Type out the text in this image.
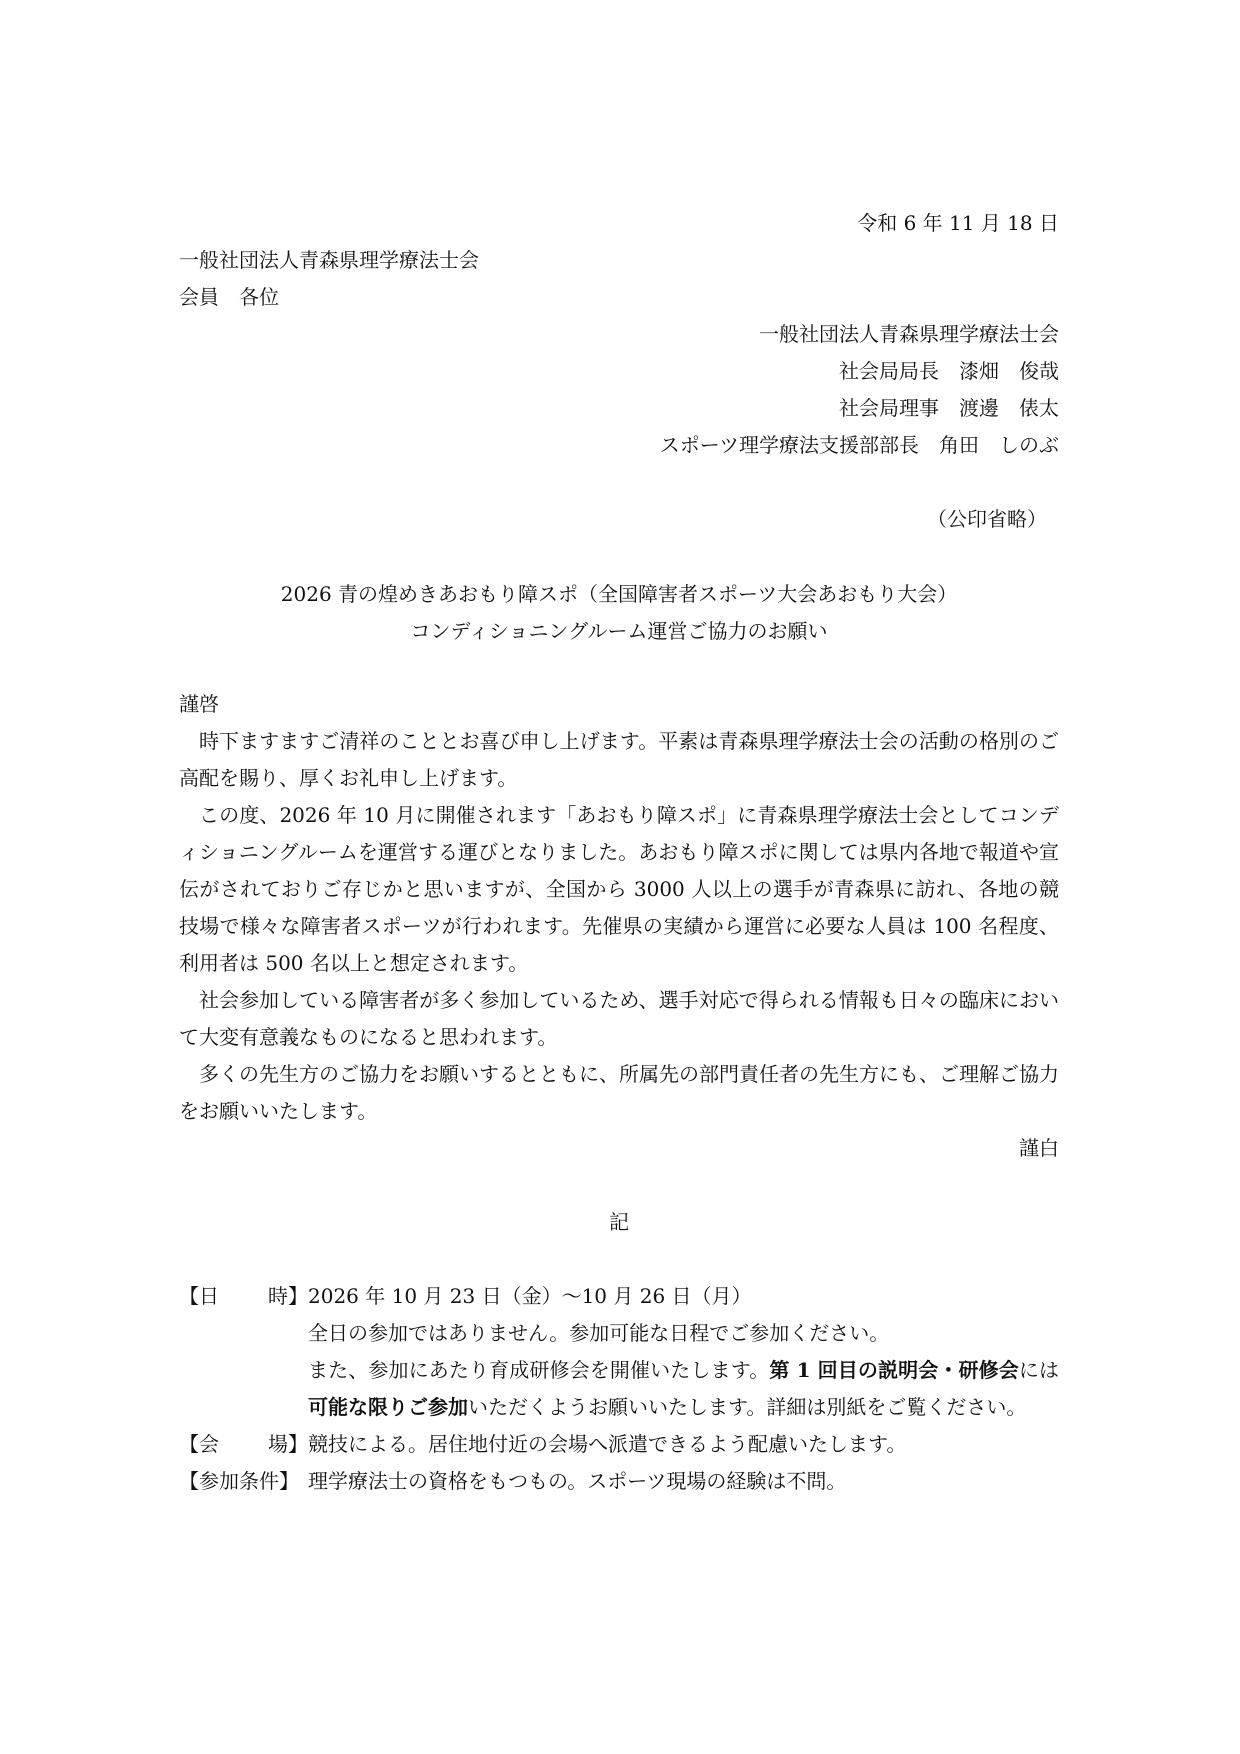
令和 6 年 11 月 18 日

一般社団法人青森県理学療法士会

会員　各位

一般社団法人青森県理学療法士会

社会局局長　漆畑　俊哉

社会局理事　渡邊　俵太

スポーツ理学療法支援部部長　角田　しのぶ

（公印省略）

2026 青の煌めきあおもり障スポ（全国障害者スポーツ大会あおもり大会）

コンディショニングルーム運営ご協力のお願い

謹啓

時下ますますご清祥のこととお喜び申し上げます。平素は青森県理学療法士会の活動の格別のご高配を賜り、厚くお礼申し上げます。

この度、2026 年 10 月に開催されます「あおもり障スポ」に青森県理学療法士会としてコンディショニングルームを運営する運びとなりました。あおもり障スポに関しては県内各地で報道や宣伝がされておりご存じかと思いますが、全国から 3000 人以上の選手が青森県に訪れ、各地の競技場で様々な障害者スポーツが行われます。先催県の実績から運営に必要な人員は 100 名程度、利用者は 500 名以上と想定されます。

社会参加している障害者が多く参加しているため、選手対応で得られる情報も日々の臨床において大変有意義なものになると思われます。

多くの先生方のご協力をお願いするとともに、所属先の部門責任者の先生方にも、ご理解ご協力をお願いいたします。

謹白

記

【日 時】 2026 年 10 月 23 日（金）～10 月 26 日（月）

全日の参加ではありません。参加可能な日程でご参加ください。

また、参加にあたり育成研修会を開催いたします。第 1 回目の説明会・研修会には可能な限りご参加いただくようお願いいたします。詳細は別紙をご覧ください。

【会 場】 競技による。居住地付近の会場へ派遣できるよう配慮いたします。
【参加条件】 理学療法士の資格をもつもの。スポーツ現場の経験は不問。
